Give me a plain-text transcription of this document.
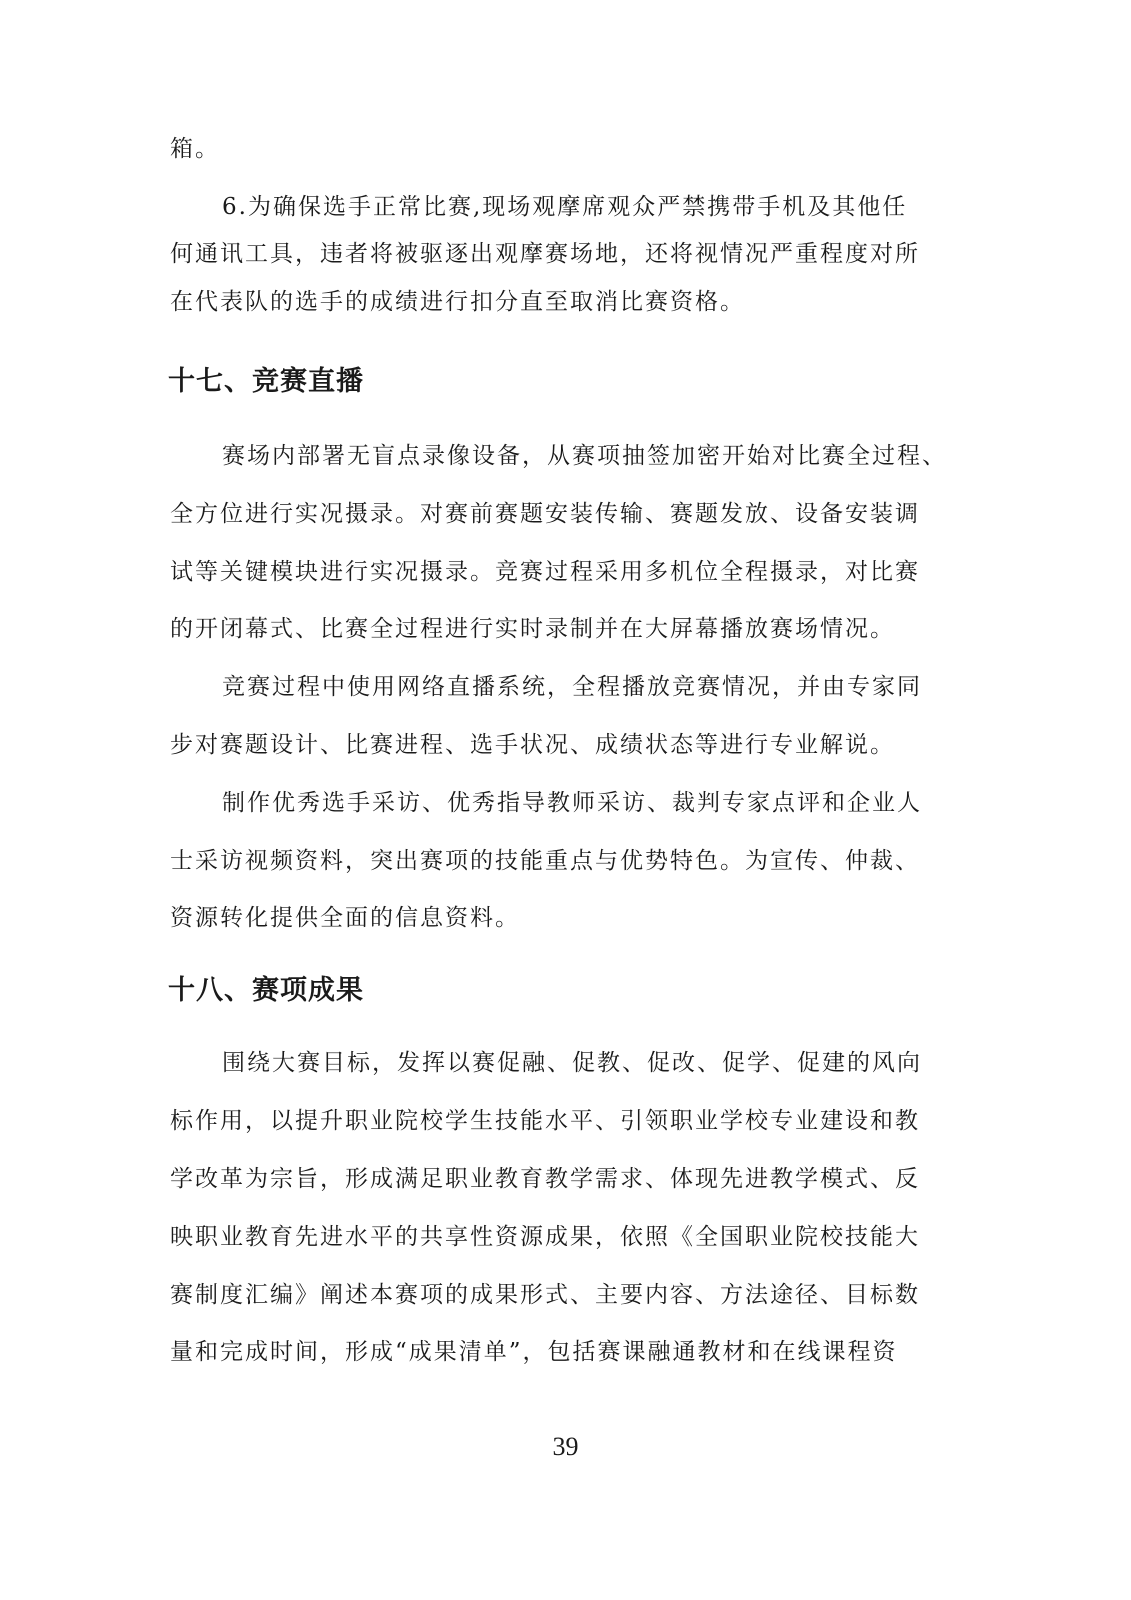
箱。
6.为确保选手正常比赛,现场观摩席观众严禁携带手机及其他任
何通讯工具，违者将被驱逐出观摩赛场地，还将视情况严重程度对所
在代表队的选手的成绩进行扣分直至取消比赛资格。
十七、竞赛直播
赛场内部署无盲点录像设备，从赛项抽签加密开始对比赛全过程、
全方位进行实况摄录。对赛前赛题安装传输、赛题发放、设备安装调
试等关键模块进行实况摄录。竞赛过程采用多机位全程摄录，对比赛
的开闭幕式、比赛全过程进行实时录制并在大屏幕播放赛场情况。
竞赛过程中使用网络直播系统，全程播放竞赛情况，并由专家同
步对赛题设计、比赛进程、选手状况、成绩状态等进行专业解说。
制作优秀选手采访、优秀指导教师采访、裁判专家点评和企业人
士采访视频资料，突出赛项的技能重点与优势特色。为宣传、仲裁、
资源转化提供全面的信息资料。
十八、赛项成果
围绕大赛目标，发挥以赛促融、促教、促改、促学、促建的风向
标作用，以提升职业院校学生技能水平、引领职业学校专业建设和教
学改革为宗旨，形成满足职业教育教学需求、体现先进教学模式、反
映职业教育先进水平的共享性资源成果，依照《全国职业院校技能大
赛制度汇编》阐述本赛项的成果形式、主要内容、方法途径、目标数
量和完成时间，形成“成果清单”，包括赛课融通教材和在线课程资
39
